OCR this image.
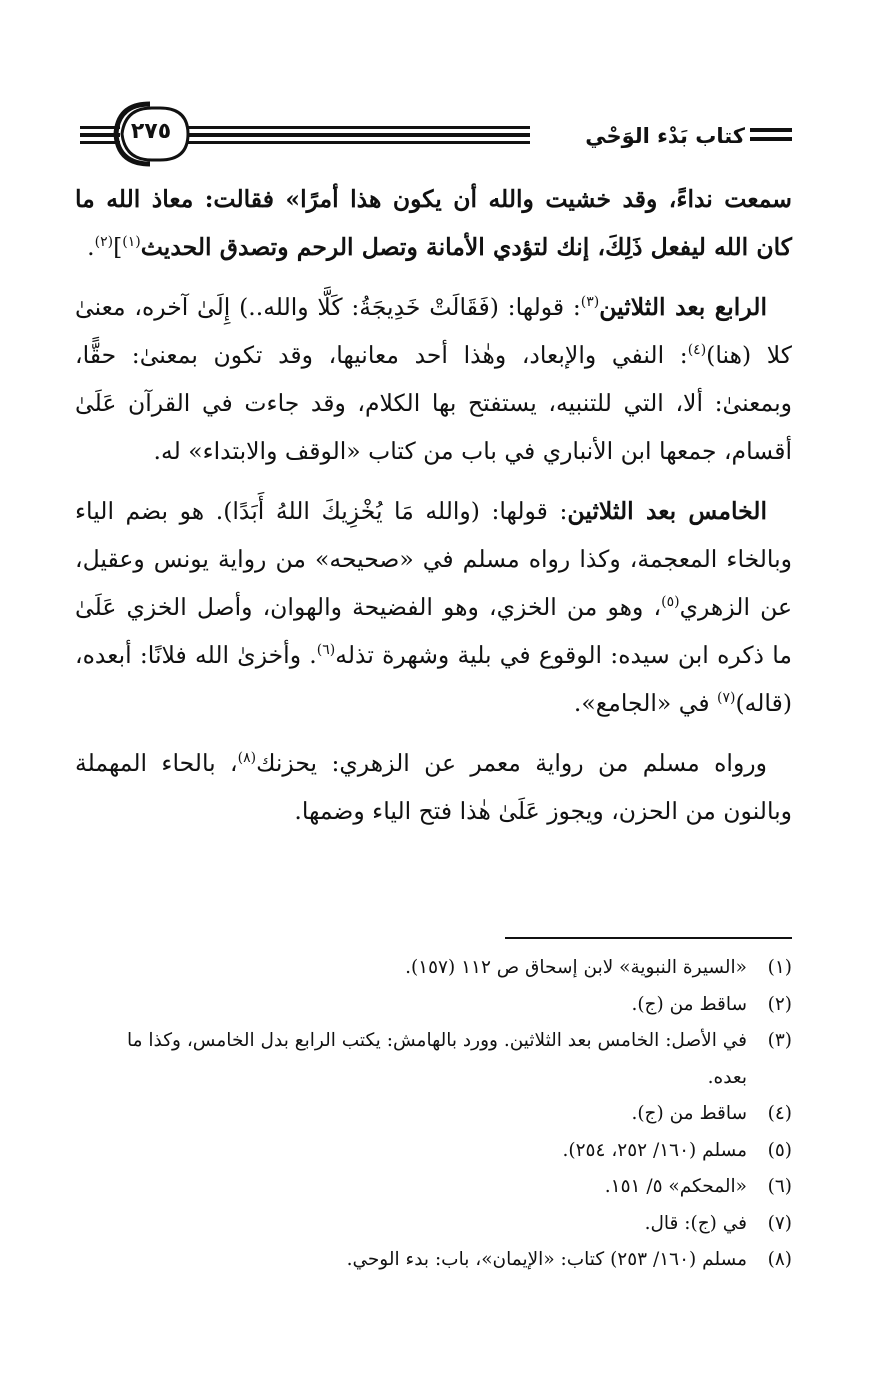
٢٧٥	كتاب بَدْء الوَحْي

سمعت نداءً، وقد خشيت والله أن يكون هذا أمرًا» فقالت: معاذ الله ما كان الله ليفعل ذَلِكَ، إنك لتؤدي الأمانة وتصل الرحم وتصدق الحديث$^{(١)}$]$^{(٢)}$.

الرابع بعد الثلاثين$^{(٣)}$: قولها: (فَقَالَتْ خَدِيجَةُ: كَلَّا والله..) إِلَىٰ آخره، معنىٰ كلا (هنا)$^{(٤)}$: النفي والإبعاد، وهٰذا أحد معانيها، وقد تكون بمعنىٰ: حقًّا، وبمعنىٰ: ألا، التي للتنبيه، يستفتح بها الكلام، وقد جاءت في القرآن عَلَىٰ أقسام، جمعها ابن الأنباري في باب من كتاب «الوقف والابتداء» له.

الخامس بعد الثلاثين: قولها: (والله مَا يُخْزِيكَ اللهُ أَبَدًا). هو بضم الياء وبالخاء المعجمة، وكذا رواه مسلم في «صحيحه» من رواية يونس وعقيل، عن الزهري$^{(٥)}$، وهو من الخزي، وهو الفضيحة والهوان، وأصل الخزي عَلَىٰ ما ذكره ابن سيده: الوقوع في بلية وشهرة تذله$^{(٦)}$. وأخزىٰ الله فلانًا: أبعده، (قاله)$^{(٧)}$ في «الجامع».

ورواه مسلم من رواية معمر عن الزهري: يحزنك$^{(٨)}$، بالحاء المهملة وبالنون من الحزن، ويجوز عَلَىٰ هٰذا فتح الياء وضمها.

(١)
«السيرة النبوية» لابن إسحاق ص ١١٢ (١٥٧).
(٢)
ساقط من (ج).
(٣)
في الأصل: الخامس بعد الثلاثين. وورد بالهامش: يكتب الرابع بدل الخامس، وكذا ما بعده.
(٤)
ساقط من (ج).
(٥)
مسلم (١٦٠/ ٢٥٢، ٢٥٤).
(٦)
«المحكم» ٥/ ١٥١.
(٧)
في (ج): قال.
(٨)
مسلم (١٦٠/ ٢٥٣) كتاب: «الإيمان»، باب: بدء الوحي.
